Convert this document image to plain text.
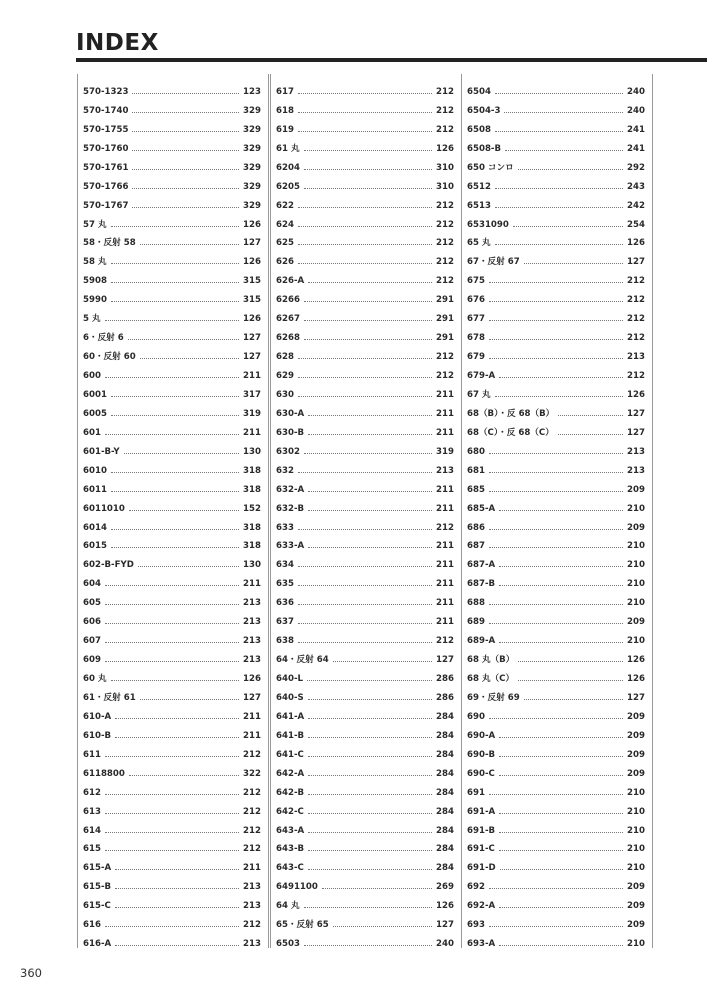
INDEX
570-1323	123
570-1740	329
570-1755	329
570-1760	329
570-1761	329
570-1766	329
570-1767	329
57 丸	126
58・反射 58	127
58 丸	126
5908	315
5990	315
5 丸	126
6・反射 6	127
60・反射 60	127
600	211
6001	317
6005	319
601	211
601-B-Y	130
6010	318
6011	318
6011010	152
6014	318
6015	318
602-B-FYD	130
604	211
605	213
606	213
607	213
609	213
60 丸	126
61・反射 61	127
610-A	211
610-B	211
611	212
6118800	322
612	212
613	212
614	212
615	212
615-A	211
615-B	213
615-C	213
616	212
616-A	213
617	212
618	212
619	212
61 丸	126
6204	310
6205	310
622	212
624	212
625	212
626	212
626-A	212
6266	291
6267	291
6268	291
628	212
629	212
630	211
630-A	211
630-B	211
6302	319
632	213
632-A	211
632-B	211
633	212
633-A	211
634	211
635	211
636	211
637	211
638	212
64・反射 64	127
640-L	286
640-S	286
641-A	284
641-B	284
641-C	284
642-A	284
642-B	284
642-C	284
643-A	284
643-B	284
643-C	284
6491100	269
64 丸	126
65・反射 65	127
6503	240
6504	240
6504-3	240
6508	241
6508-B	241
650 コンロ	292
6512	243
6513	242
6531090	254
65 丸	126
67・反射 67	127
675	212
676	212
677	212
678	212
679	213
679-A	212
67 丸	126
68（B）・反 68（B）	127
68（C）・反 68（C）	127
680	213
681	213
685	209
685-A	210
686	209
687	210
687-A	210
687-B	210
688	210
689	209
689-A	210
68 丸（B）	126
68 丸（C）	126
69・反射 69	127
690	209
690-A	209
690-B	209
690-C	209
691	210
691-A	210
691-B	210
691-C	210
691-D	210
692	209
692-A	209
693	209
693-A	210
360
